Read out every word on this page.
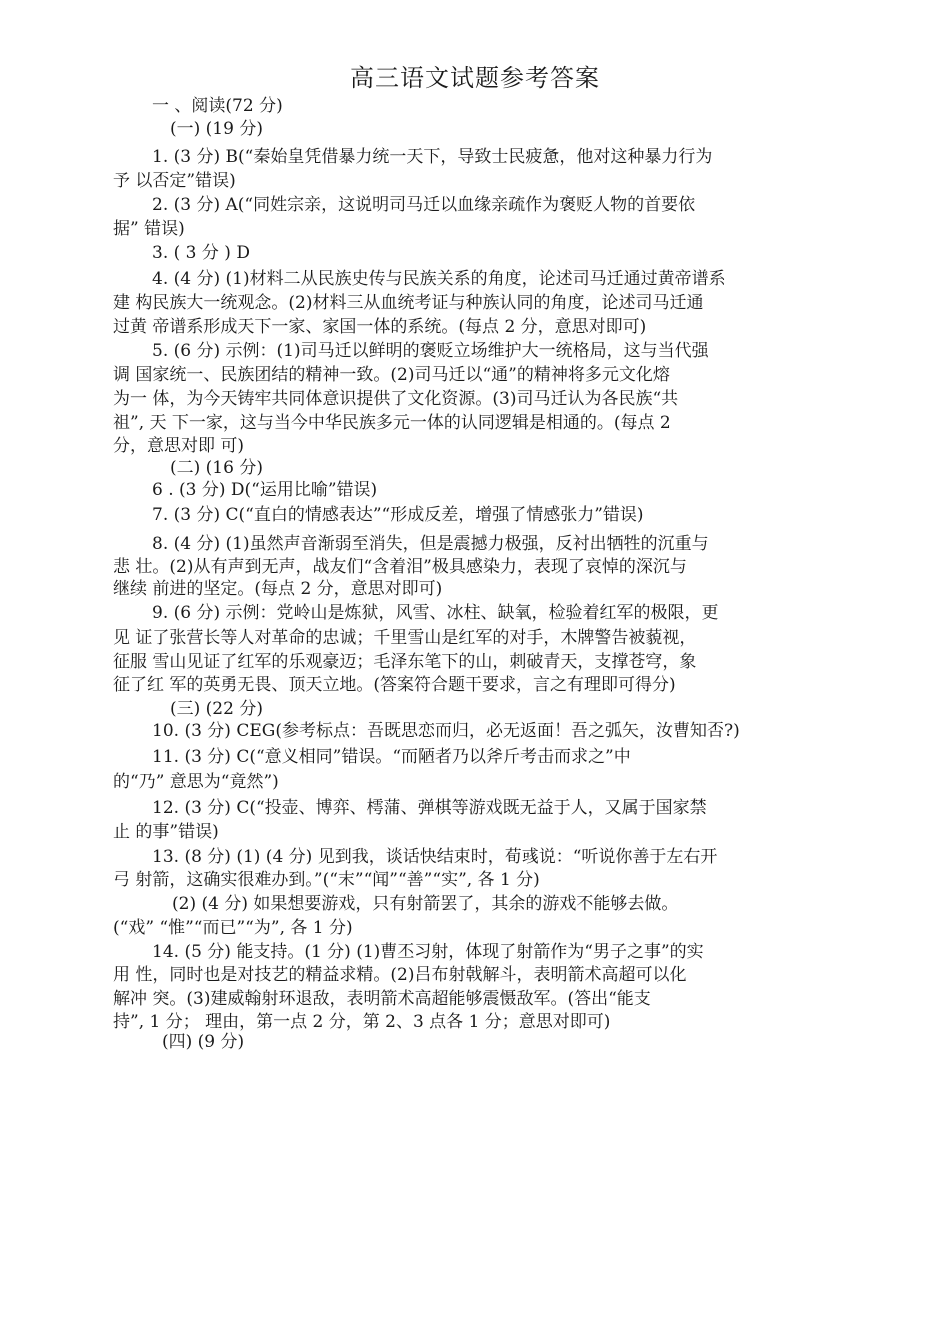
高三语文试题参考答案
一 、阅读(72 分)
(一) (19 分)
1. (3 分) B(“秦始皇凭借暴力统一天下，导致士民疲惫，他对这种暴力行为
予 以否定”错误)
2. (3 分) A(“同姓宗亲，这说明司马迁以血缘亲疏作为褒贬人物的首要依
据” 错误)
3. ( 3 分 ) D
4. (4 分) (1)材料二从民族史传与民族关系的角度，论述司马迁通过黄帝谱系
建 构民族大一统观念。(2)材料三从血统考证与种族认同的角度，论述司马迁通
过黄 帝谱系形成天下一家、家国一体的系统。(每点 2 分，意思对即可)
5. (6 分) 示例：(1)司马迁以鲜明的褒贬立场维护大一统格局，这与当代强
调 国家统一、民族团结的精神一致。(2)司马迁以“通”的精神将多元文化熔
为一 体，为今天铸牢共同体意识提供了文化资源。(3)司马迁认为各民族“共
祖”, 天 下一家，这与当今中华民族多元一体的认同逻辑是相通的。(每点 2
分，意思对即 可)
(二) (16 分)
6 . (3 分) D(“运用比喻”错误)
7. (3 分) C(“直白的情感表达”“形成反差，增强了情感张力”错误)
8. (4 分) (1)虽然声音渐弱至消失，但是震撼力极强，反衬出牺牲的沉重与
悲 壮。(2)从有声到无声，战友们“含着泪”极具感染力，表现了哀悼的深沉与
继续 前进的坚定。(每点 2 分，意思对即可)
9. (6 分) 示例：党岭山是炼狱，风雪、冰柱、缺氧，检验着红军的极限，更
见 证了张营长等人对革命的忠诚；千里雪山是红军的对手，木牌警告被藐视，
征服 雪山见证了红军的乐观豪迈；毛泽东笔下的山，刺破青天，支撑苍穹，象
征了红 军的英勇无畏、顶天立地。(答案符合题干要求，言之有理即可得分)
(三) (22 分)
10. (3 分) CEG(参考标点：吾既思恋而归，必无返面！吾之弧矢，汝曹知否?)
11. (3 分) C(“意义相同”错误。“而陋者乃以斧斤考击而求之”中
的“乃” 意思为“竟然”)
12. (3 分) C(“投壶、博弈、樗蒲、弹棋等游戏既无益于人，又属于国家禁
止 的事”错误)
13. (8 分) (1) (4 分) 见到我，谈话快结束时，荀彧说：“听说你善于左右开
弓 射箭，这确实很难办到。”(“末”“闻”“善”“实”, 各 1 分)
(2) (4 分) 如果想要游戏，只有射箭罢了，其余的游戏不能够去做。
(“戏” “惟”“而已”“为”, 各 1 分)
14. (5 分) 能支持。(1 分) (1)曹丕习射，体现了射箭作为“男子之事”的实
用 性，同时也是对技艺的精益求精。(2)吕布射戟解斗，表明箭术高超可以化
解冲 突。(3)建威翰射环退敌，表明箭术高超能够震慑敌军。(答出“能支
持”, 1 分； 理由，第一点 2 分，第 2、3 点各 1 分；意思对即可)
(四) (9 分)
